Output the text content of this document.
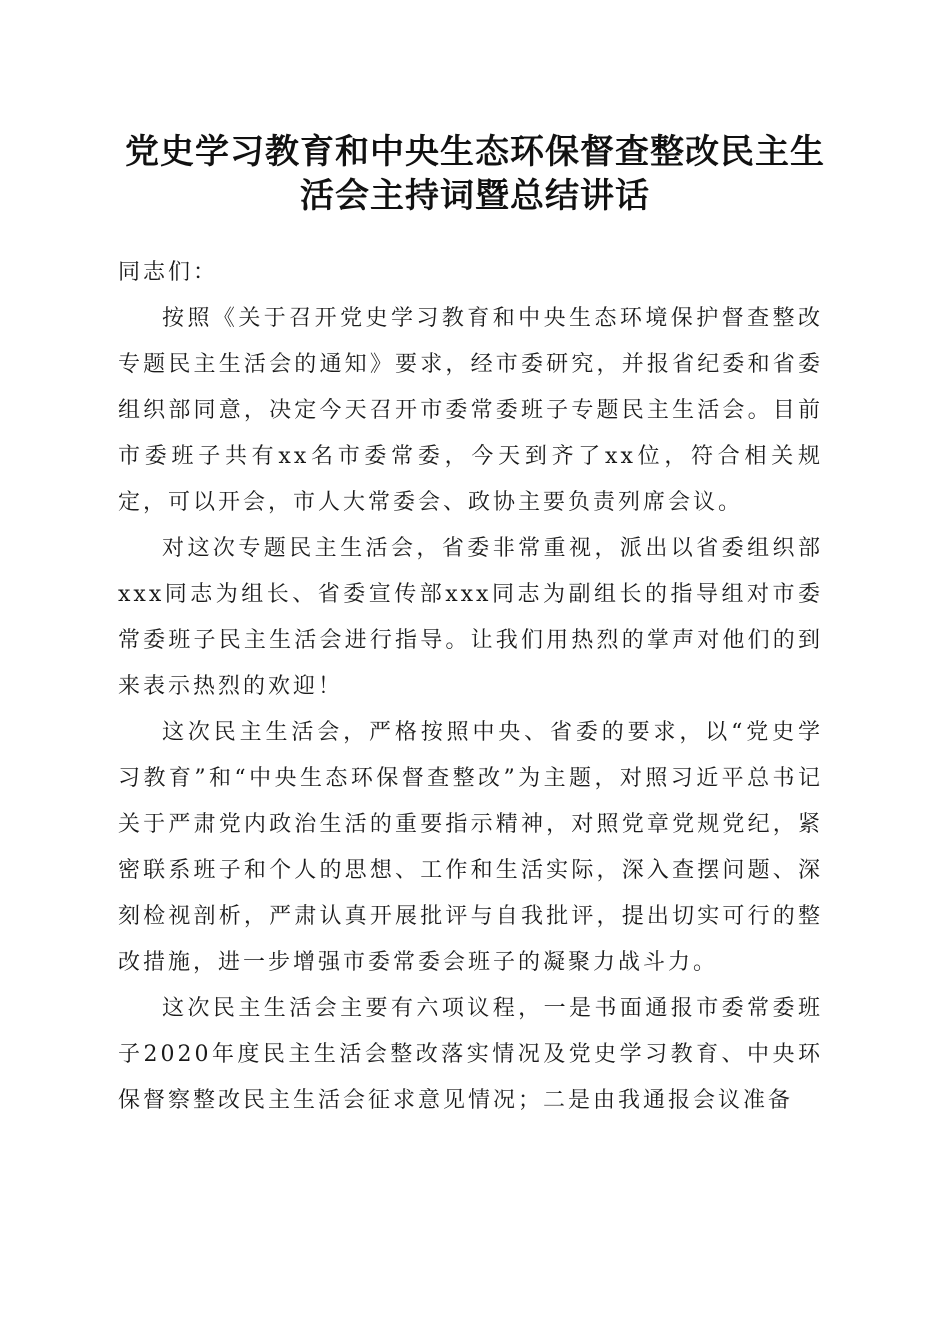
党史学习教育和中央生态环保督查整改民主生
活会主持词暨总结讲话

同志们：

按照《关于召开党史学习教育和中央生态环境保护督查整改专题民主生活会的通知》要求，经市委研究，并报省纪委和省委组织部同意，决定今天召开市委常委班子专题民主生活会。目前市委班子共有xx名市委常委，今天到齐了xx位，符合相关规定，可以开会，市人大常委会、政协主要负责列席会议。

对这次专题民主生活会，省委非常重视，派出以省委组织部xxx同志为组长、省委宣传部xxx同志为副组长的指导组对市委常委班子民主生活会进行指导。让我们用热烈的掌声对他们的到来表示热烈的欢迎！

这次民主生活会，严格按照中央、省委的要求，以“党史学习教育”和“中央生态环保督查整改”为主题，对照习近平总书记关于严肃党内政治生活的重要指示精神，对照党章党规党纪，紧密联系班子和个人的思想、工作和生活实际，深入查摆问题、深刻检视剖析，严肃认真开展批评与自我批评，提出切实可行的整改措施，进一步增强市委常委会班子的凝聚力战斗力。

这次民主生活会主要有六项议程，一是书面通报市委常委班子2020年度民主生活会整改落实情况及党史学习教育、中央环保督察整改民主生活会征求意见情况；二是由我通报会议准备
